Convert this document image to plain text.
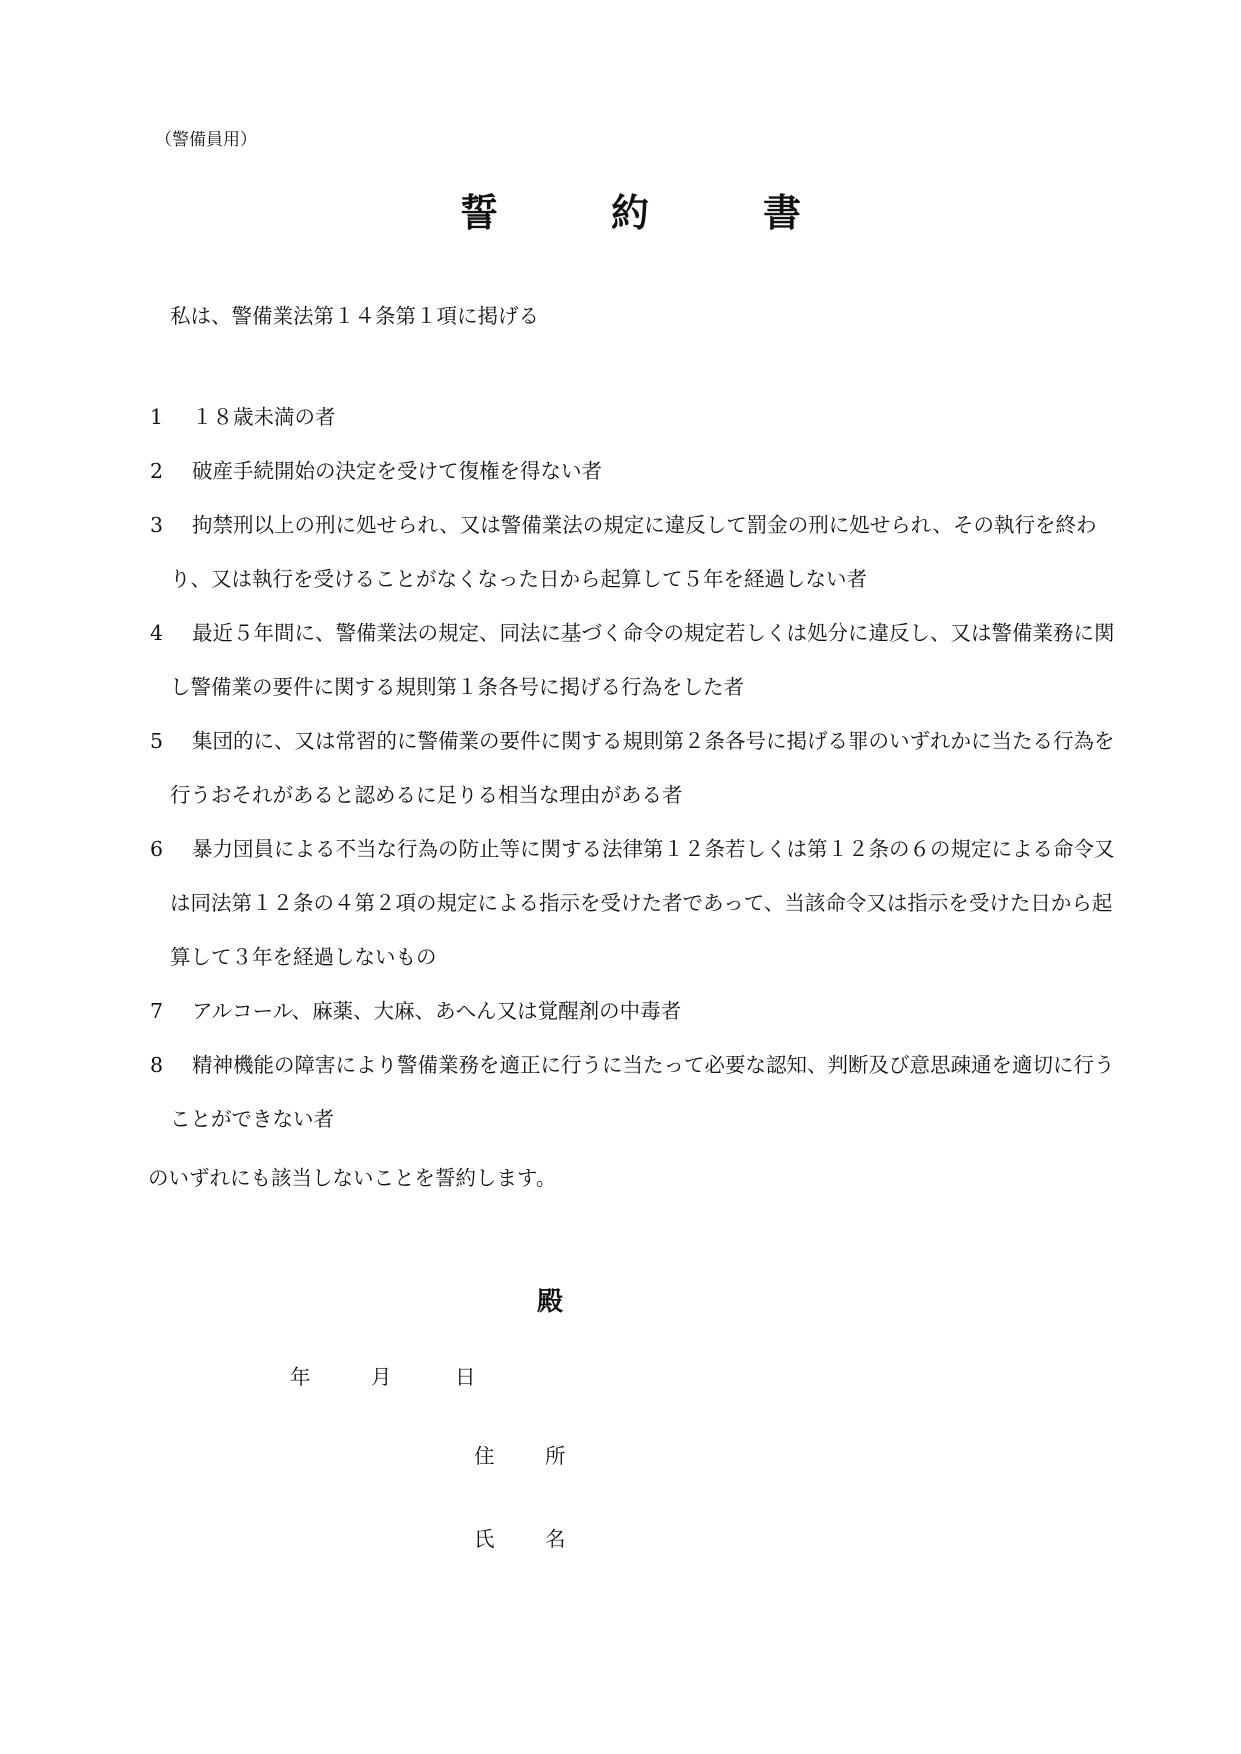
（警備員用）
誓	約	書
私は、警備業法第１４条第１項に掲げる
1	１８歳未満の者
2	破産手続開始の決定を受けて復権を得ない者
3	拘禁刑以上の刑に処せられ、又は警備業法の規定に違反して罰金の刑に処せられ、その執行を終わり、又は執行を受けることがなくなった日から起算して５年を経過しない者
4	最近５年間に、警備業法の規定、同法に基づく命令の規定若しくは処分に違反し、又は警備業務に関し警備業の要件に関する規則第１条各号に掲げる行為をした者
5	集団的に、又は常習的に警備業の要件に関する規則第２条各号に掲げる罪のいずれかに当たる行為を行うおそれがあると認めるに足りる相当な理由がある者
6	暴力団員による不当な行為の防止等に関する法律第１２条若しくは第１２条の６の規定による命令又は同法第１２条の４第２項の規定による指示を受けた者であって、当該命令又は指示を受けた日から起算して３年を経過しないもの
7	アルコール、麻薬、大麻、あへん又は覚醒剤の中毒者
8	精神機能の障害により警備業務を適正に行うに当たって必要な認知、判断及び意思疎通を適切に行うことができない者
のいずれにも該当しないことを誓約します。
殿
年	月	日
住 所
氏 名
